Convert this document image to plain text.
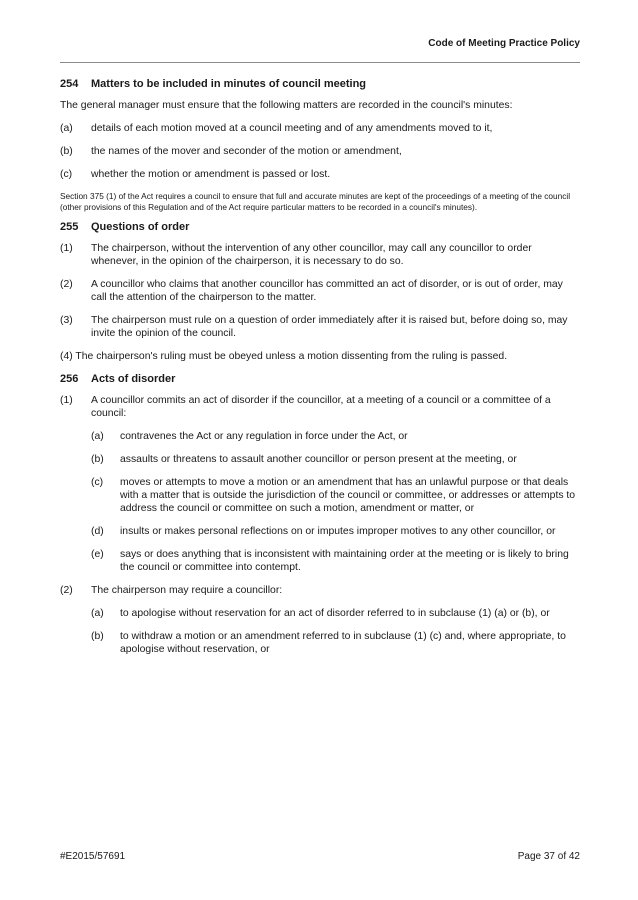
Code of Meeting Practice Policy
254 Matters to be included in minutes of council meeting

The general manager must ensure that the following matters are recorded in the council's minutes:

(a)	details of each motion moved at a council meeting and of any amendments moved to it,
(b)	the names of the mover and seconder of the motion or amendment,
(c)	whether the motion or amendment is passed or lost.
Section 375 (1) of the Act requires a council to ensure that full and accurate minutes are kept of the proceedings of a meeting of the council (other provisions of this Regulation and of the Act require particular matters to be recorded in a council's minutes).
255 Questions of order
(1)	The chairperson, without the intervention of any other councillor, may call any councillor to order whenever, in the opinion of the chairperson, it is necessary to do so.
(2)	A councillor who claims that another councillor has committed an act of disorder, or is out of order, may call the attention of the chairperson to the matter.
(3)	The chairperson must rule on a question of order immediately after it is raised but, before doing so, may invite the opinion of the council.

(4) The chairperson's ruling must be obeyed unless a motion dissenting from the ruling is passed.

256 Acts of disorder
(1)	A councillor commits an act of disorder if the councillor, at a meeting of a council or a committee of a council:
(a)	contravenes the Act or any regulation in force under the Act, or
(b)	assaults or threatens to assault another councillor or person present at the meeting, or
(c)	moves or attempts to move a motion or an amendment that has an unlawful purpose or that deals with a matter that is outside the jurisdiction of the council or committee, or addresses or attempts to address the council or committee on such a motion, amendment or matter, or
(d)	insults or makes personal reflections on or imputes improper motives to any other councillor, or
(e)	says or does anything that is inconsistent with maintaining order at the meeting or is likely to bring the council or committee into contempt.
(2)	The chairperson may require a councillor:
(a)	to apologise without reservation for an act of disorder referred to in subclause (1) (a) or (b), or
(b)	to withdraw a motion or an amendment referred to in subclause (1) (c) and, where appropriate, to apologise without reservation, or
#E2015/57691	Page 37 of 42
